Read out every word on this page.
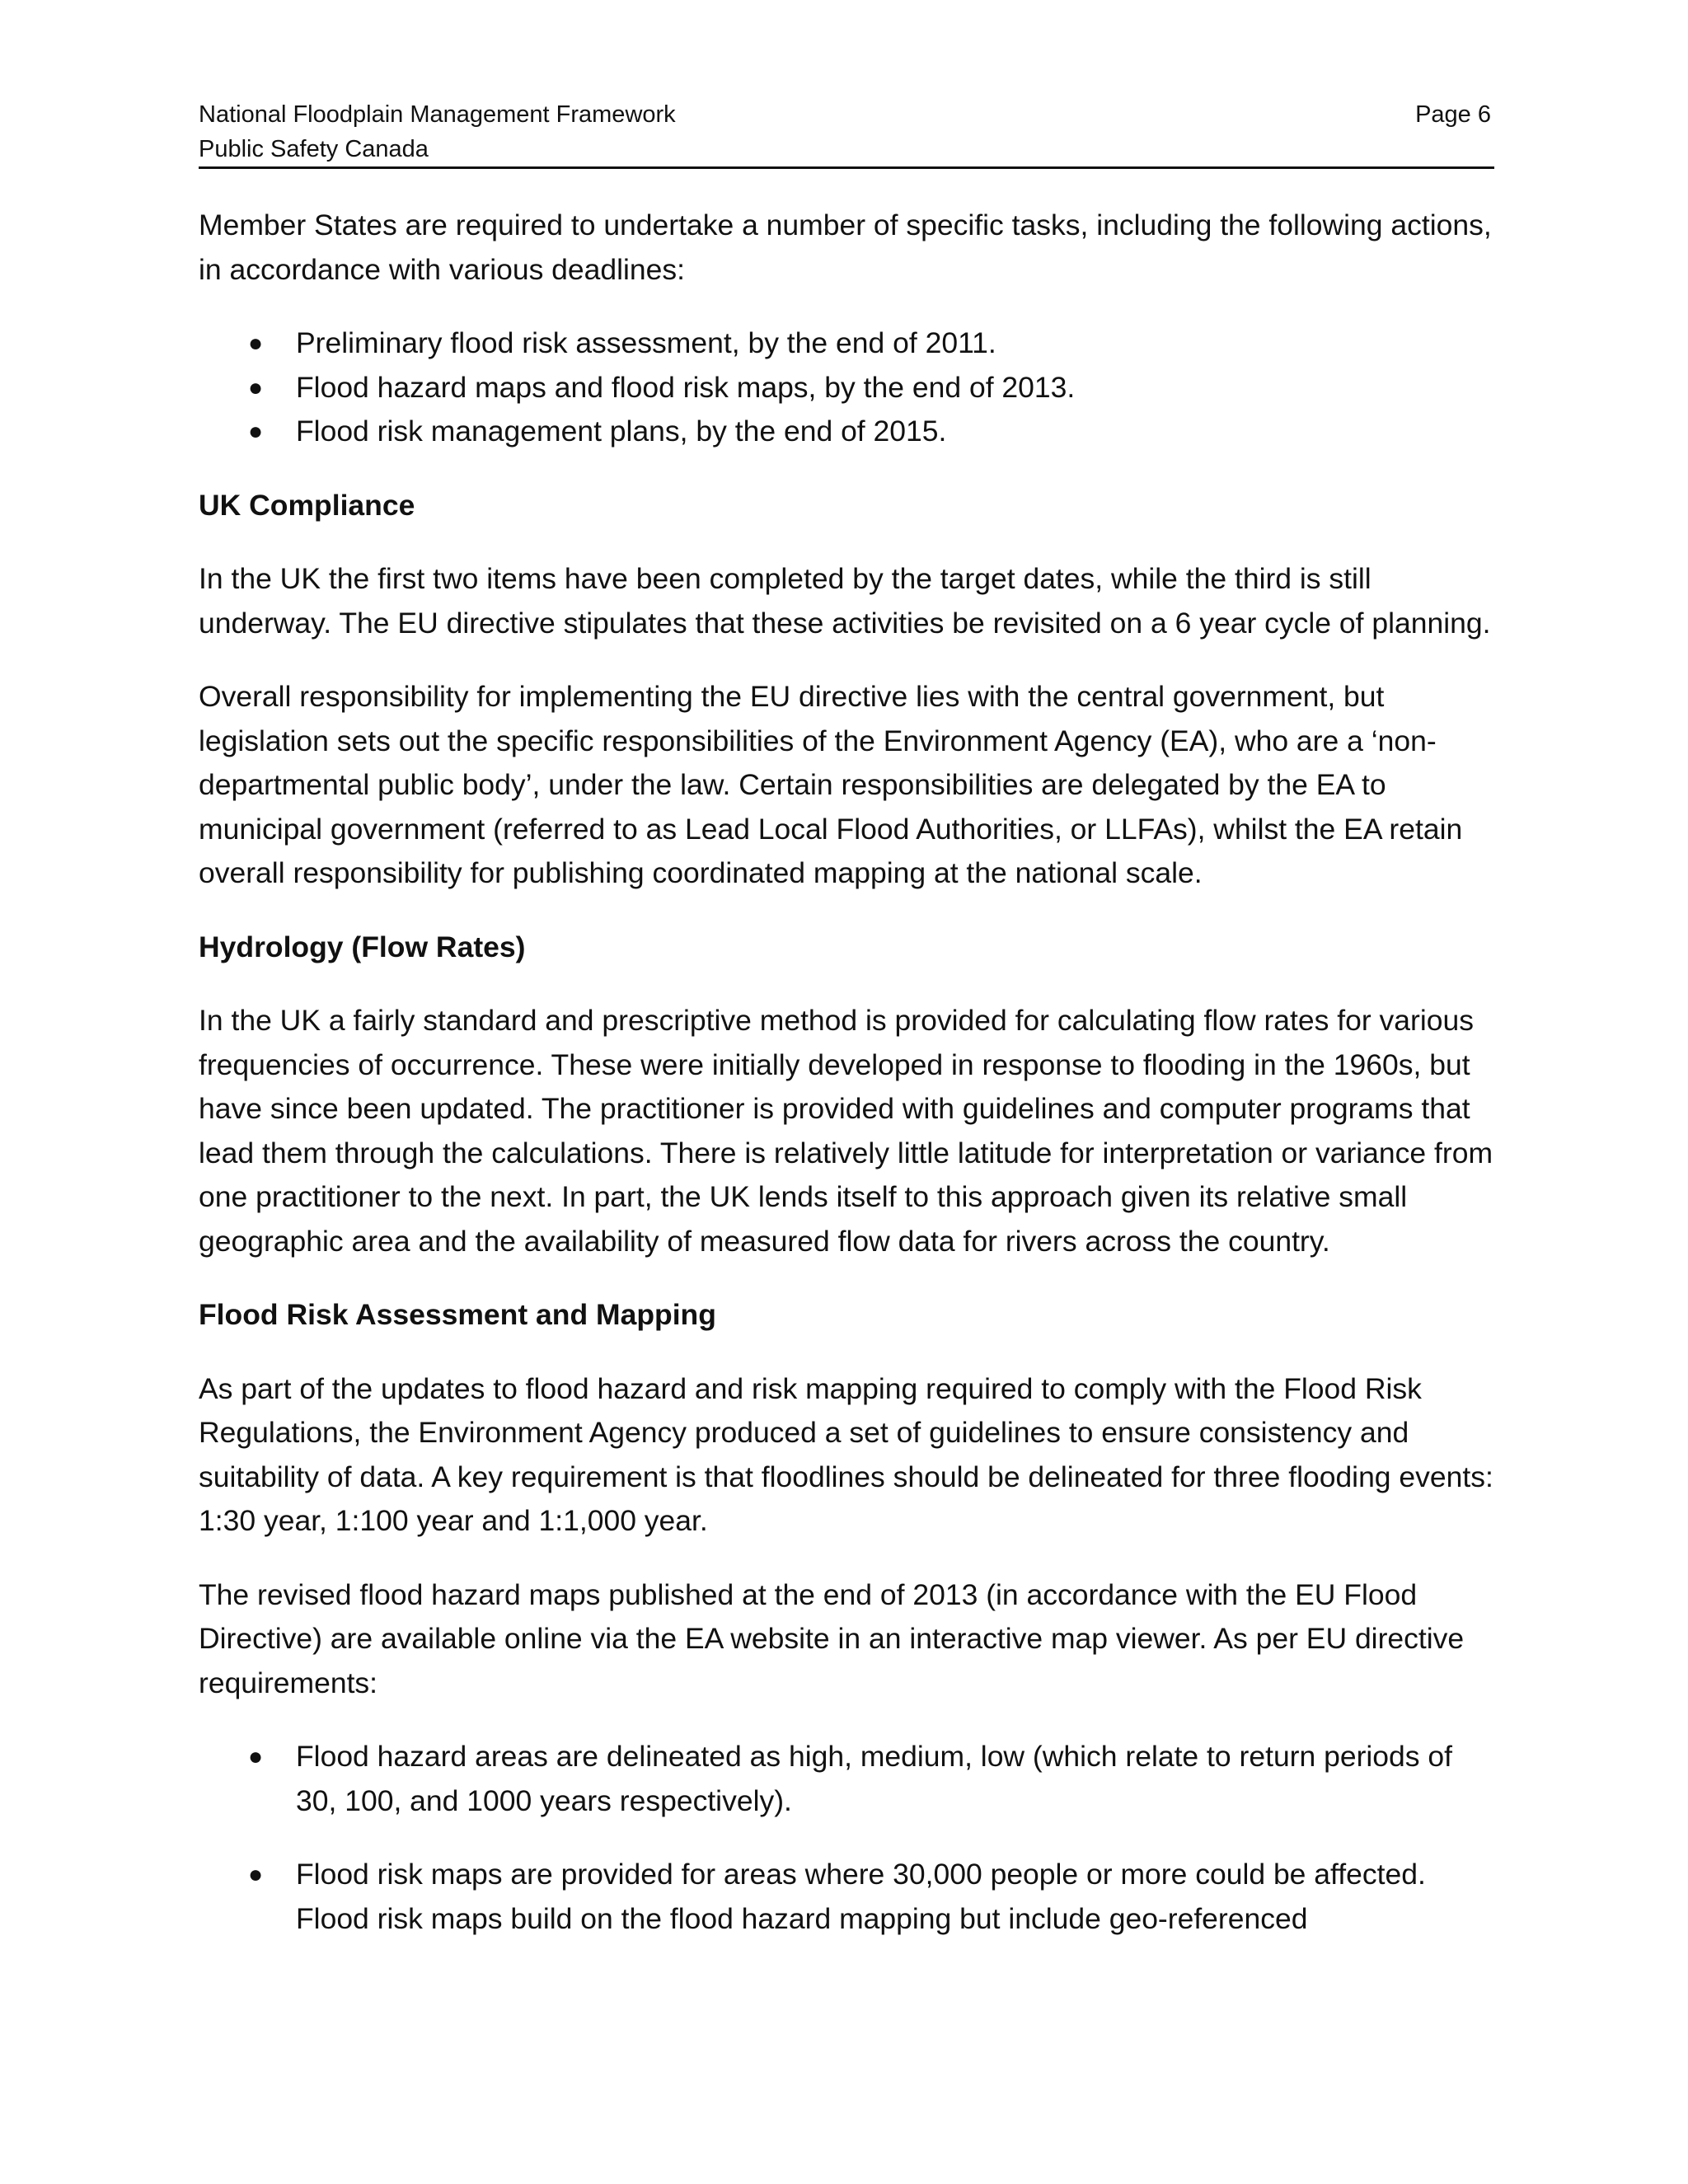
National Floodplain Management Framework	Page 6
Public Safety Canada

Member States are required to undertake a number of specific tasks, including the following actions, in accordance with various deadlines:

● Preliminary flood risk assessment, by the end of 2011.
● Flood hazard maps and flood risk maps, by the end of 2013.
● Flood risk management plans, by the end of 2015.
UK Compliance

In the UK the first two items have been completed by the target dates, while the third is still underway. The EU directive stipulates that these activities be revisited on a 6 year cycle of planning.

Overall responsibility for implementing the EU directive lies with the central government, but legislation sets out the specific responsibilities of the Environment Agency (EA), who are a ‘non-departmental public body’, under the law. Certain responsibilities are delegated by the EA to municipal government (referred to as Lead Local Flood Authorities, or LLFAs), whilst the EA retain overall responsibility for publishing coordinated mapping at the national scale.

Hydrology (Flow Rates)

In the UK a fairly standard and prescriptive method is provided for calculating flow rates for various frequencies of occurrence. These were initially developed in response to flooding in the 1960s, but have since been updated. The practitioner is provided with guidelines and computer programs that lead them through the calculations. There is relatively little latitude for interpretation or variance from one practitioner to the next. In part, the UK lends itself to this approach given its relative small geographic area and the availability of measured flow data for rivers across the country.

Flood Risk Assessment and Mapping

As part of the updates to flood hazard and risk mapping required to comply with the Flood Risk Regulations, the Environment Agency produced a set of guidelines to ensure consistency and suitability of data. A key requirement is that floodlines should be delineated for three flooding events: 1:30 year, 1:100 year and 1:1,000 year.

The revised flood hazard maps published at the end of 2013 (in accordance with the EU Flood Directive) are available online via the EA website in an interactive map viewer. As per EU directive requirements:

● Flood hazard areas are delineated as high, medium, low (which relate to return periods of 30, 100, and 1000 years respectively).
● Flood risk maps are provided for areas where 30,000 people or more could be affected. Flood risk maps build on the flood hazard mapping but include geo-referenced
